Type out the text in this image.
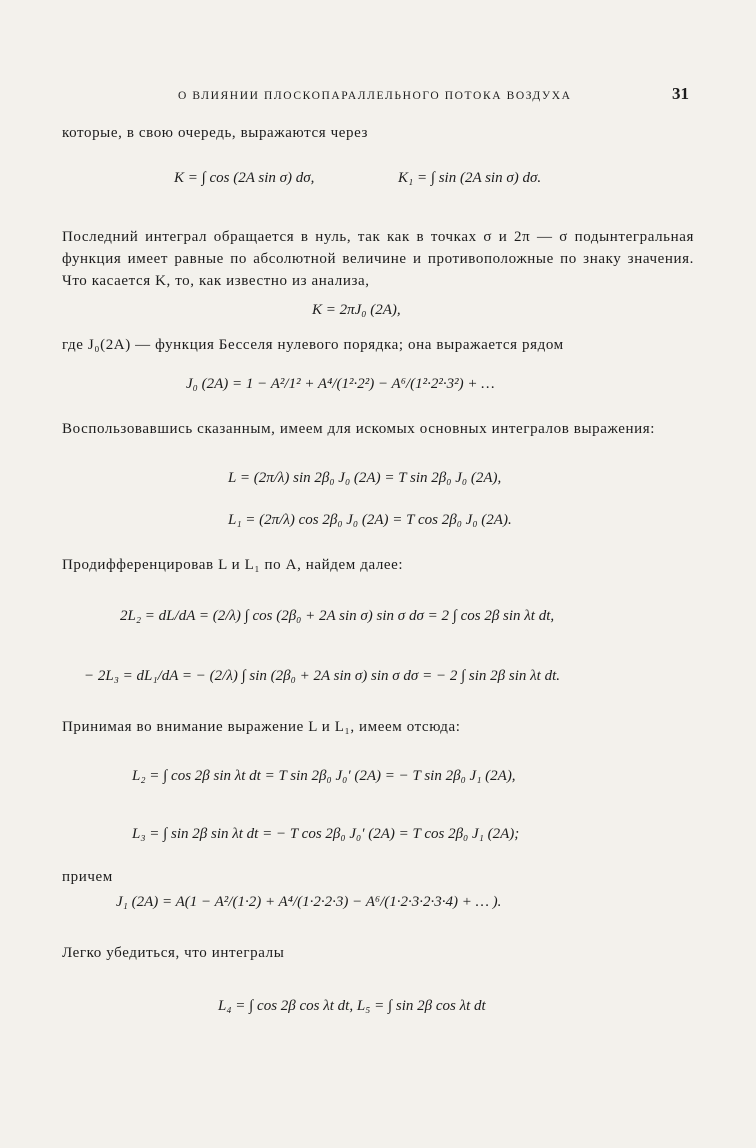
О ВЛИЯНИИ ПЛОСКОПАРАЛЛЕЛЬНОГО ПОТОКА ВОЗДУХА	31
которые, в свою очередь, выражаются через
K = ∫ cos (2A sin σ) dσ,	K₁ = ∫ sin (2A sin σ) dσ.
Последний интеграл обращается в нуль, так как в точках σ и 2π — σ подынтегральная функция имеет равные по абсолютной величине и противоположные по знаку значения. Что касается K, то, как известно из анализа,
K = 2πJ₀ (2A),
где J₀(2A) — функция Бесселя нулевого порядка; она выражается рядом
J₀ (2A) = 1 − A²/1² + A⁴/(1²·2²) − A⁶/(1²·2²·3²) + …
Воспользовавшись сказанным, имеем для искомых основных интегралов выражения:
L = (2π/λ) sin 2β₀ J₀ (2A) = T sin 2β₀ J₀ (2A),
L₁ = (2π/λ) cos 2β₀ J₀ (2A) = T cos 2β₀ J₀ (2A).
Продифференцировав L и L₁ по A, найдем далее:
2L₂ = dL/dA = (2/λ) ∫ cos (2β₀ + 2A sin σ) sin σ dσ = 2 ∫ cos 2β sin λt dt,
− 2L₃ = dL₁/dA = − (2/λ) ∫ sin (2β₀ + 2A sin σ) sin σ dσ = − 2 ∫ sin 2β sin λt dt.
Принимая во внимание выражение L и L₁, имеем отсюда:
L₂ = ∫ cos 2β sin λt dt = T sin 2β₀ J₀′ (2A) = − T sin 2β₀ J₁ (2A),
L₃ = ∫ sin 2β sin λt dt = − T cos 2β₀ J₀′ (2A) = T cos 2β₀ J₁ (2A);
причем
J₁ (2A) = A(1 − A²/(1·2) + A⁴/(1·2·2·3) − A⁶/(1·2·3·2·3·4) + … ).
Легко убедиться, что интегралы
L₄ = ∫ cos 2β cos λt dt, L₅ = ∫ sin 2β cos λt dt
